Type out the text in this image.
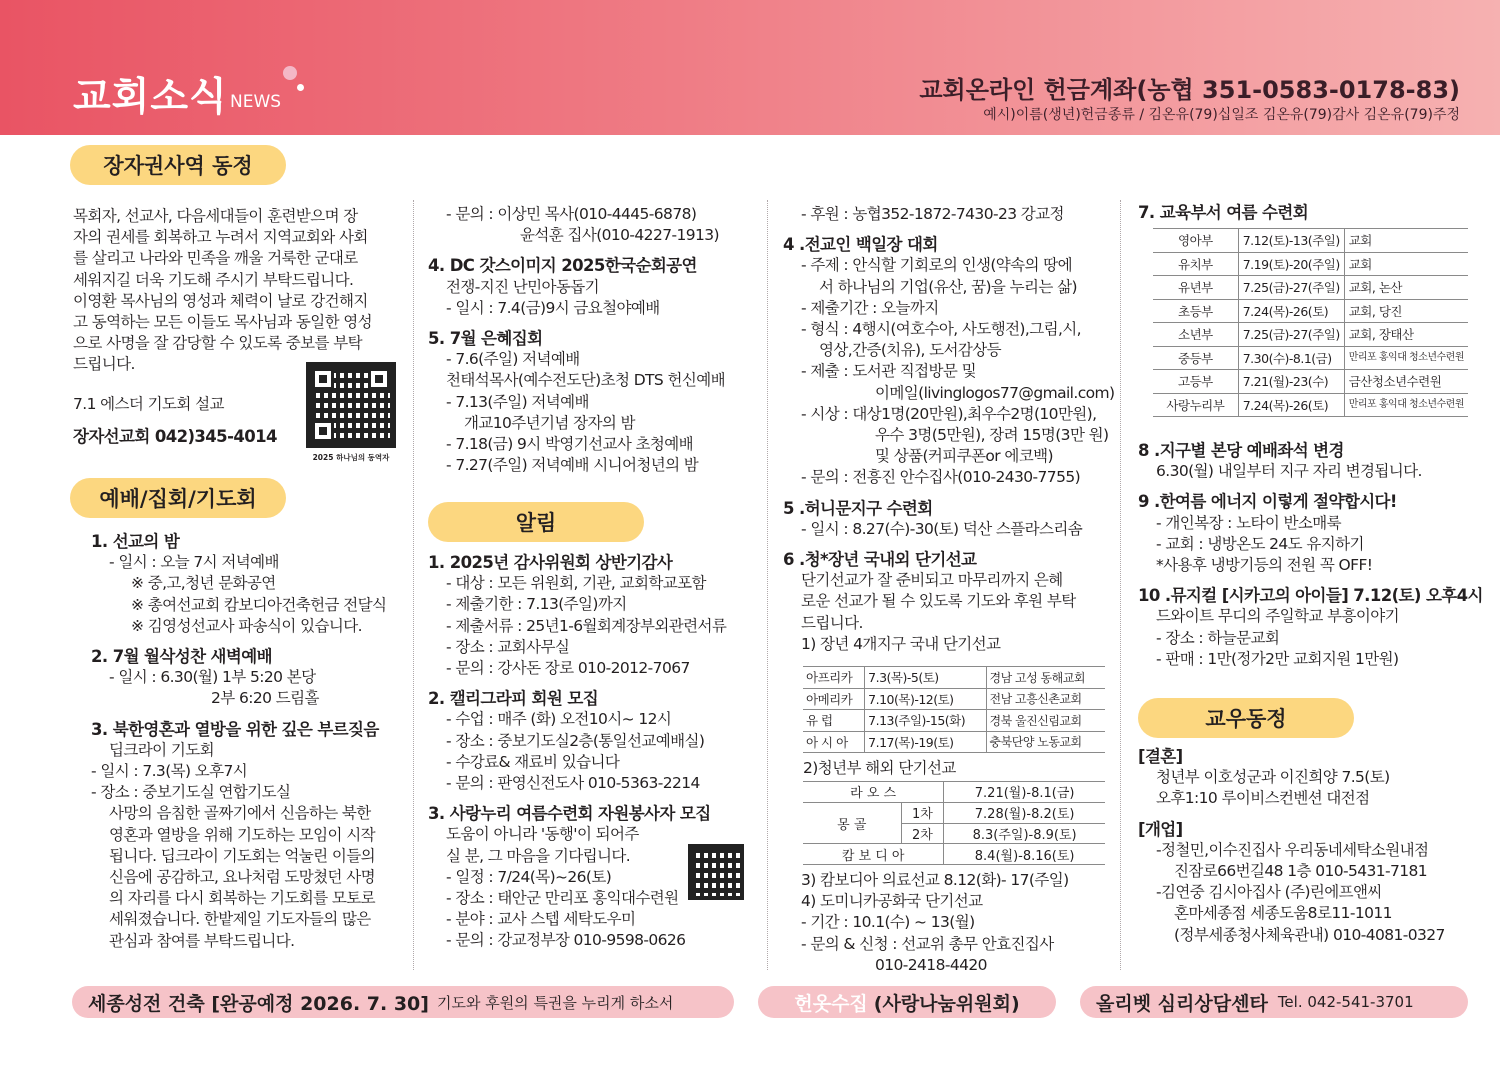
교회소식 NEWS	교회온라인 헌금계좌(농협 351-0583-0178-83)
예시)이름(생년)헌금종류 / 김온유(79)십일조 김온유(79)감사 김온유(79)주정
장자권사역 동정
예배/집회/기도회
알림
교우동정
목회자, 선교사, 다음세대들이 훈련받으며 장
자의 권세를 회복하고 누려서 지역교회와 사회
를 살리고 나라와 민족을 깨울 거룩한 군대로
세워지길 더욱 기도해 주시기 부탁드립니다.
이영환 목사님의 영성과 체력이 날로 강건해지
고 동역하는 모든 이들도 목사님과 동일한 영성
으로 사명을 잘 감당할 수 있도록 중보를 부탁
드립니다.
7.1 에스더 기도회 설교
장자선교회 042)345-4014
2025 하나님의 동역자
1. 선교의 밤
- 일시 : 오늘 7시 저녁예배
※ 중,고,청년 문화공연
※ 총여선교회 캄보디아건축헌금 전달식
※ 김영성선교사 파송식이 있습니다.
2. 7월 월삭성찬 새벽예배
- 일시 : 6.30(월) 1부 5:20 본당
2부 6:20 드림홀
3. 북한영혼과 열방을 위한 깊은 부르짖음
딥크라이 기도회
- 일시 : 7.3(목) 오후7시
- 장소 : 중보기도실 연합기도실
사망의 음침한 골짜기에서 신음하는 북한
영혼과 열방을 위해 기도하는 모임이 시작
됩니다. 딥크라이 기도회는 억눌린 이들의
신음에 공감하고, 요나처럼 도망쳤던 사명
의 자리를 다시 회복하는 기도회를 모토로
세워졌습니다. 한밭제일 기도자들의 많은
관심과 참여를 부탁드립니다.
- 문의 : 이상민 목사(010-4445-6878)
윤석훈 집사(010-4227-1913)
4. DC 갓스이미지 2025한국순회공연
전쟁-지진 난민아동돕기
- 일시 : 7.4(금)9시 금요철야예배
5. 7월 은혜집회
- 7.6(주일) 저녁예배
천태석목사(예수전도단)초청 DTS 헌신예배
- 7.13(주일) 저녁예배
개교10주년기념 장자의 밤
- 7.18(금) 9시 박영기선교사 초청예배
- 7.27(주일) 저녁예배 시니어청년의 밤
1. 2025년 감사위원회 상반기감사
- 대상 : 모든 위원회, 기관, 교회학교포함
- 제출기한 : 7.13(주일)까지
- 제출서류 : 25년1-6월회계장부외관련서류
- 장소 : 교회사무실
- 문의 : 강사돈 장로 010-2012-7067
2. 캘리그라피 회원 모집
- 수업 : 매주 (화) 오전10시~ 12시
- 장소 : 중보기도실2층(통일선교예배실)
- 수강료& 재료비 있습니다
- 문의 : 판영신전도사 010-5363-2214
3. 사랑누리 여름수련회 자원봉사자 모집
도움이 아니라 '동행'이 되어주
실 분, 그 마음을 기다립니다.
- 일정 : 7/24(목)~26(토)
- 장소 : 태안군 만리포 홍익대수련원
- 분야 : 교사 스텝 세탁도우미
- 문의 : 강교정부장 010-9598-0626
- 후원 : 농협352-1872-7430-23 강교정
4 .전교인 백일장 대회
- 주제 : 안식할 기회로의 인생(약속의 땅에
서 하나님의 기업(유산, 꿈)을 누리는 삶)
- 제출기간 : 오늘까지
- 형식 : 4행시(여호수아, 사도행전),그림,시,
영상,간증(치유), 도서감상등
- 제출 : 도서관 직접방문 및
이메일(livinglogos77@gmail.com)
- 시상 : 대상1명(20만원),최우수2명(10만원),
우수 3명(5만원), 장려 15명(3만 원)
및 상품(커피쿠폰or 에코백)
- 문의 : 전흥진 안수집사(010-2430-7755)
5 .허니문지구 수련회
- 일시 : 8.27(수)-30(토) 덕산 스플라스리솜
6 .청*장년 국내외 단기선교
단기선교가 잘 준비되고 마무리까지 은혜
로운 선교가 될 수 있도록 기도와 후원 부탁
드립니다.
1) 장년 4개지구 국내 단기선교
아프리카	7.3(목)-5(토)	경남 고성 동해교회
아메리카	7.10(목)-12(토)	전남 고흥신촌교회
유 럽	7.13(주일)-15(화)	경북 울진신림교회
아 시 아	7.17(목)-19(토)	충북단양 노동교회
2)청년부 해외 단기선교
라 오 스		7.21(월)-8.1(금)
몽 골	1차	7.28(월)-8.2(토)
	2차	8.3(주일)-8.9(토)
캄 보 디 아		8.4(월)-8.16(토)
3) 캄보디아 의료선교 8.12(화)- 17(주일)
4) 도미니카공화국 단기선교
- 기간 : 10.1(수) ~ 13(월)
- 문의 & 신청 : 선교위 총무 안효진집사
010-2418-4420
7. 교육부서 여름 수련회
영아부	7.12(토)-13(주일)	교회
유치부	7.19(토)-20(주일)	교회
유년부	7.25(금)-27(주일)	교회, 논산
초등부	7.24(목)-26(토)	교회, 당진
소년부	7.25(금)-27(주일)	교회, 장태산
중등부	7.30(수)-8.1(금)	만리포 홍익대 청소년수련원
고등부	7.21(월)-23(수)	금산청소년수련원
사랑누리부	7.24(목)-26(토)	만리포 홍익대 청소년수련원
8 .지구별 본당 예배좌석 변경
6.30(월) 내일부터 지구 자리 변경됩니다.
9 .한여름 에너지 이렇게 절약합시다!
- 개인복장 : 노타이 반소매룩
- 교회 : 냉방온도 24도 유지하기
*사용후 냉방기등의 전원 꼭 OFF!
10 .뮤지컬 [시카고의 아이들] 7.12(토) 오후4시
드와이트 무디의 주일학교 부흥이야기
- 장소 : 하늘문교회
- 판매 : 1만(정가2만 교회지원 1만원)
[결혼]
청년부 이호성군과 이진희양 7.5(토)
오후1:10 루이비스컨벤션 대전점
[개업]
-정철민,이수진집사 우리동네세탁소원내점
진잠로66번길48 1층 010-5431-7181
-김연중 김시아집사 (주)린에프앤씨
혼마세종점 세종도움8로11-1011
(정부세종청사체육관내) 010-4081-0327
세종성전 건축 [완공예정 2026. 7. 30] 기도와 후원의 특권을 누리게 하소서	헌옷수집 (사랑나눔위원회)	올리벳 심리상담센타 Tel. 042-541-3701
